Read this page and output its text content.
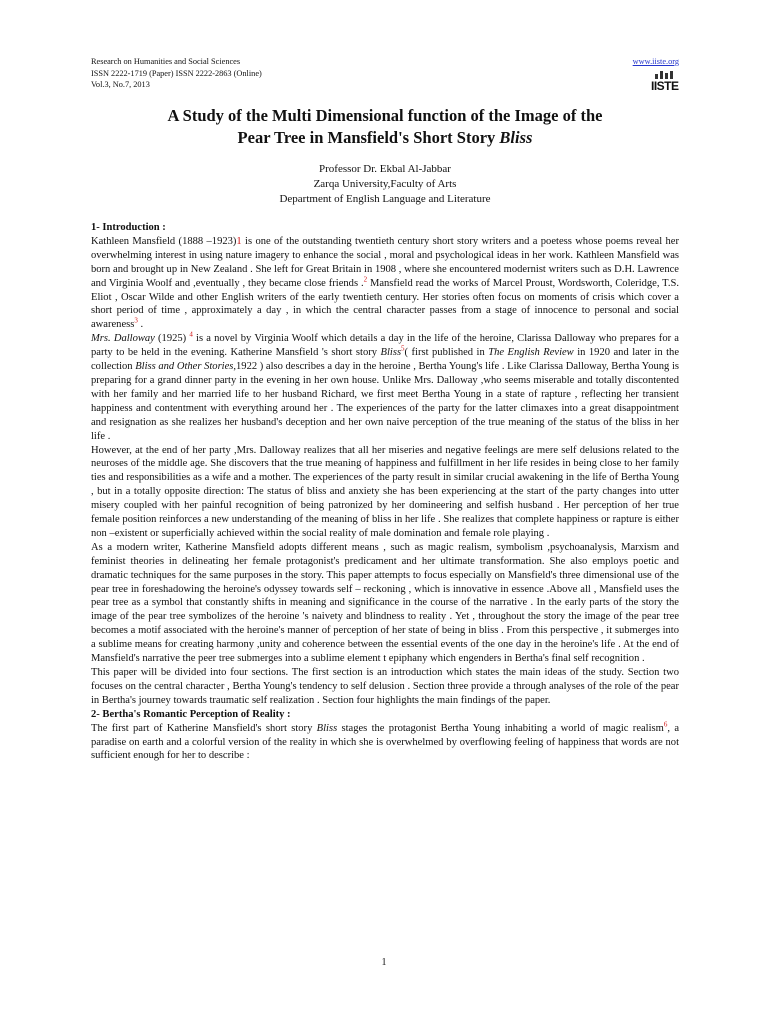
Research on Humanities and Social Sciences
ISSN 2222-1719 (Paper) ISSN 2222-2863 (Online)
Vol.3, No.7, 2013
www.iiste.org
IISTE
A Study of the Multi Dimensional function of the Image of the
Pear Tree in Mansfield's Short Story Bliss
Professor Dr. Ekbal Al-Jabbar
Zarqa University,Faculty of Arts
Department of English Language and Literature

1- Introduction :

Kathleen Mansfield (1888 –1923)1 is one of the outstanding twentieth century short story writers and a poetess whose poems reveal her overwhelming interest in using nature imagery to enhance the social , moral and psychological ideas in her work. Kathleen Mansfield was born and brought up in New Zealand . She left for Great Britain in 1908 , where she encountered modernist writers such as D.H. Lawrence and Virginia Woolf and ,eventually , they became close friends .$^2$ Mansfield read the works of Marcel Proust, Wordsworth, Coleridge, T.S. Eliot , Oscar Wilde and other English writers of the early twentieth century. Her stories often focus on moments of crisis which cover a short period of time , approximately a day , in which the central character passes from a stage of innocence to personal and social awareness$^3$ .

Mrs. Dalloway (1925) $^4$ is a novel by Virginia Woolf which details a day in the life of the heroine, Clarissa Dalloway who prepares for a party to be held in the evening. Katherine Mansfield 's short story Bliss$^5$( first published in The English Review in 1920 and later in the collection Bliss and Other Stories,1922 ) also describes a day in the heroine , Bertha Young's life . Like Clarissa Dalloway, Bertha Young is preparing for a grand dinner party in the evening in her own house. Unlike Mrs. Dalloway ,who seems miserable and totally discontented with her family and her married life to her husband Richard, we first meet Bertha Young in a state of rapture , reflecting her transient happiness and contentment with everything around her . The experiences of the party for the latter climaxes into a great disappointment and resignation as she realizes her husband's deception and her own naive perception of the true meaning of the status of the bliss in her life .

However, at the end of her party ,Mrs. Dalloway realizes that all her miseries and negative feelings are mere self delusions related to the neuroses of the middle age. She discovers that the true meaning of happiness and fulfillment in her life resides in being close to her family ties and responsibilities as a wife and a mother. The experiences of the party result in similar crucial awakening in the life of Bertha Young , but in a totally opposite direction: The status of bliss and anxiety she has been experiencing at the start of the party changes into utter misery coupled with her painful recognition of being patronized by her domineering and selfish husband . Her perception of her true female position reinforces a new understanding of the meaning of bliss in her life . She realizes that complete happiness or rapture is either non –existent or superficially achieved within the social reality of male domination and female role playing .

As a modern writer, Katherine Mansfield adopts different means , such as magic realism, symbolism ,psychoanalysis, Marxism and feminist theories in delineating her female protagonist's predicament and her ultimate transformation. She also employs poetic and dramatic techniques for the same purposes in the story. This paper attempts to focus especially on Mansfield's three dimensional use of the pear tree in foreshadowing the heroine's odyssey towards self – reckoning , which is innovative in essence .Above all , Mansfield uses the pear tree as a symbol that constantly shifts in meaning and significance in the course of the narrative . In the early parts of the story the image of the pear tree symbolizes of the heroine 's naivety and blindness to reality . Yet , throughout the story the image of the pear tree becomes a motif associated with the heroine's manner of perception of her state of being in bliss . From this perspective , it submerges into a sublime means for creating harmony ,unity and coherence between the essential events of the one day in the heroine's life . At the end of Mansfield's narrative the peer tree submerges into a sublime element t epiphany which engenders in Bertha's final self recognition .

This paper will be divided into four sections. The first section is an introduction which states the main ideas of the study. Section two focuses on the central character , Bertha Young's tendency to self delusion . Section three provide a through analyses of the role of the pear in Bertha's journey towards traumatic self realization . Section four highlights the main findings of the paper.

2- Bertha's Romantic Perception of Reality :

The first part of Katherine Mansfield's short story Bliss stages the protagonist Bertha Young inhabiting a world of magic realism$^6$, a paradise on earth and a colorful version of the reality in which she is overwhelmed by overflowing feeling of happiness that words are not sufficient enough for her to describe :

1
